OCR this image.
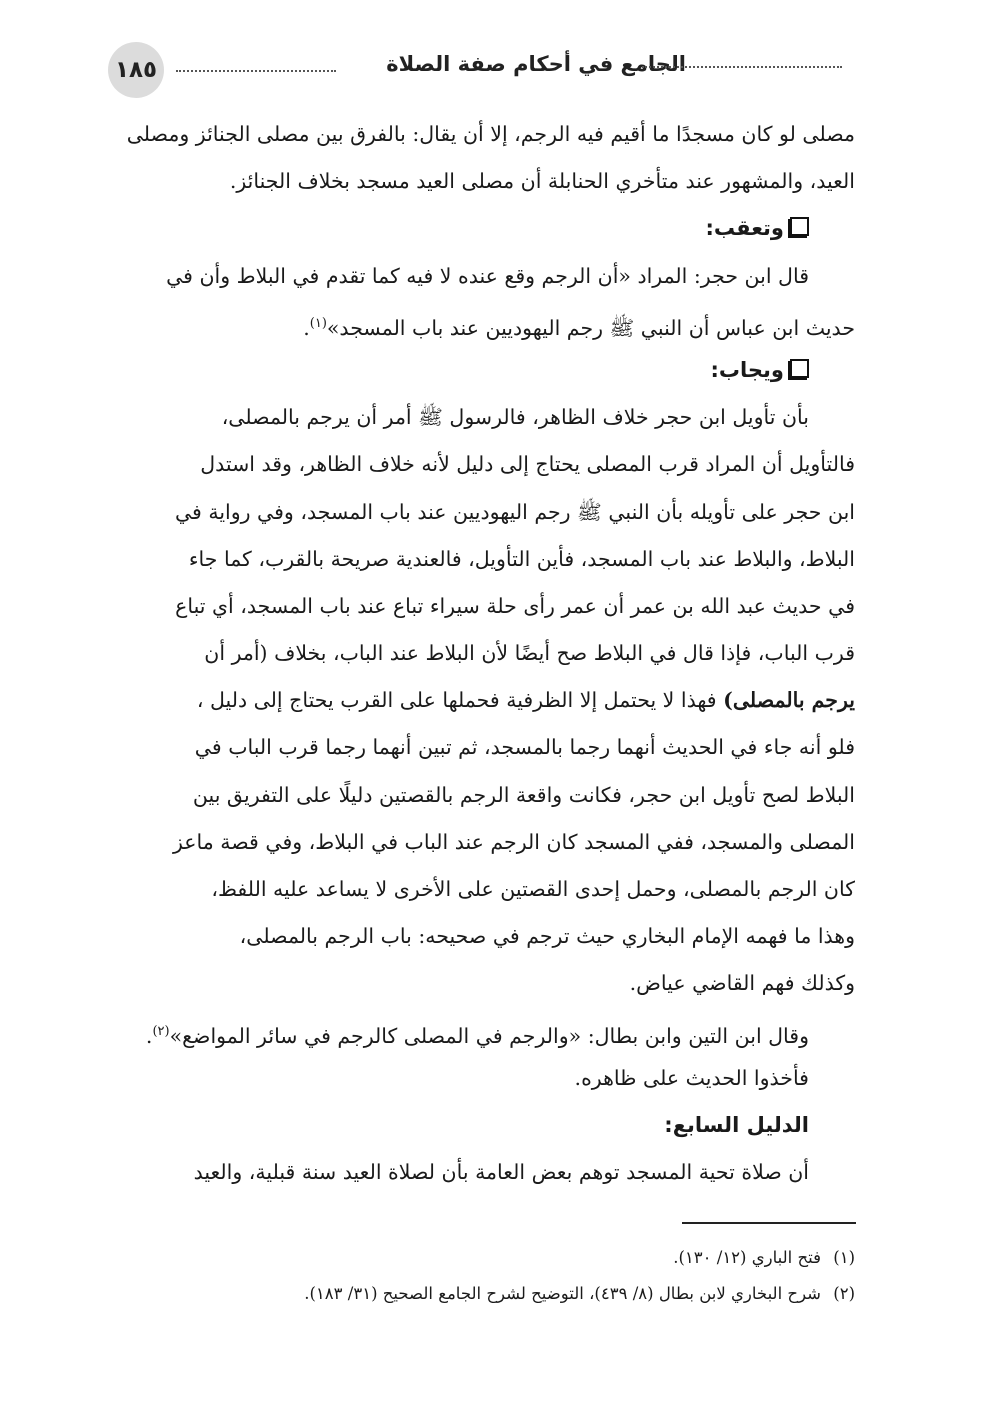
١٨٥	الجامع في أحكام صفة الصلاة
مصلى لو كان مسجدًا ما أقيم فيه الرجم، إلا أن يقال: بالفرق بين مصلى الجنائز ومصلى
العيد، والمشهور عند متأخري الحنابلة أن مصلى العيد مسجد بخلاف الجنائز.
وتعقب:
قال ابن حجر: المراد «أن الرجم وقع عنده لا فيه كما تقدم في البلاط وأن في
حديث ابن عباس أن النبي ﷺ رجم اليهوديين عند باب المسجد»$^{(١)}$.
ويجاب:
بأن تأويل ابن حجر خلاف الظاهر، فالرسول ﷺ أمر أن يرجم بالمصلى،
فالتأويل أن المراد قرب المصلى يحتاج إلى دليل لأنه خلاف الظاهر، وقد استدل
ابن حجر على تأويله بأن النبي ﷺ رجم اليهوديين عند باب المسجد، وفي رواية في
البلاط، والبلاط عند باب المسجد، فأين التأويل، فالعندية صريحة بالقرب، كما جاء
في حديث عبد الله بن عمر أن عمر رأى حلة سيراء تباع عند باب المسجد، أي تباع
قرب الباب، فإذا قال في البلاط صح أيضًا لأن البلاط عند الباب، بخلاف (أمر أن
يرجم بالمصلى) فهذا لا يحتمل إلا الظرفية فحملها على القرب يحتاج إلى دليل ،
فلو أنه جاء في الحديث أنهما رجما بالمسجد، ثم تبين أنهما رجما قرب الباب في
البلاط لصح تأويل ابن حجر، فكانت واقعة الرجم بالقصتين دليلًا على التفريق بين
المصلى والمسجد، ففي المسجد كان الرجم عند الباب في البلاط، وفي قصة ماعز
كان الرجم بالمصلى، وحمل إحدى القصتين على الأخرى لا يساعد عليه اللفظ،
وهذا ما فهمه الإمام البخاري حيث ترجم في صحيحه: باب الرجم بالمصلى،
وكذلك فهم القاضي عياض.
وقال ابن التين وابن بطال: «والرجم في المصلى كالرجم في سائر المواضع»$^{(٢)}$.
فأخذوا الحديث على ظاهره.
الدليل السابع:
أن صلاة تحية المسجد توهم بعض العامة بأن لصلاة العيد سنة قبلية، والعيد
(١)فتح الباري (١٢/ ١٣٠).
(٢)شرح البخاري لابن بطال (٨/ ٤٣٩)، التوضيح لشرح الجامع الصحيح (٣١/ ١٨٣).
